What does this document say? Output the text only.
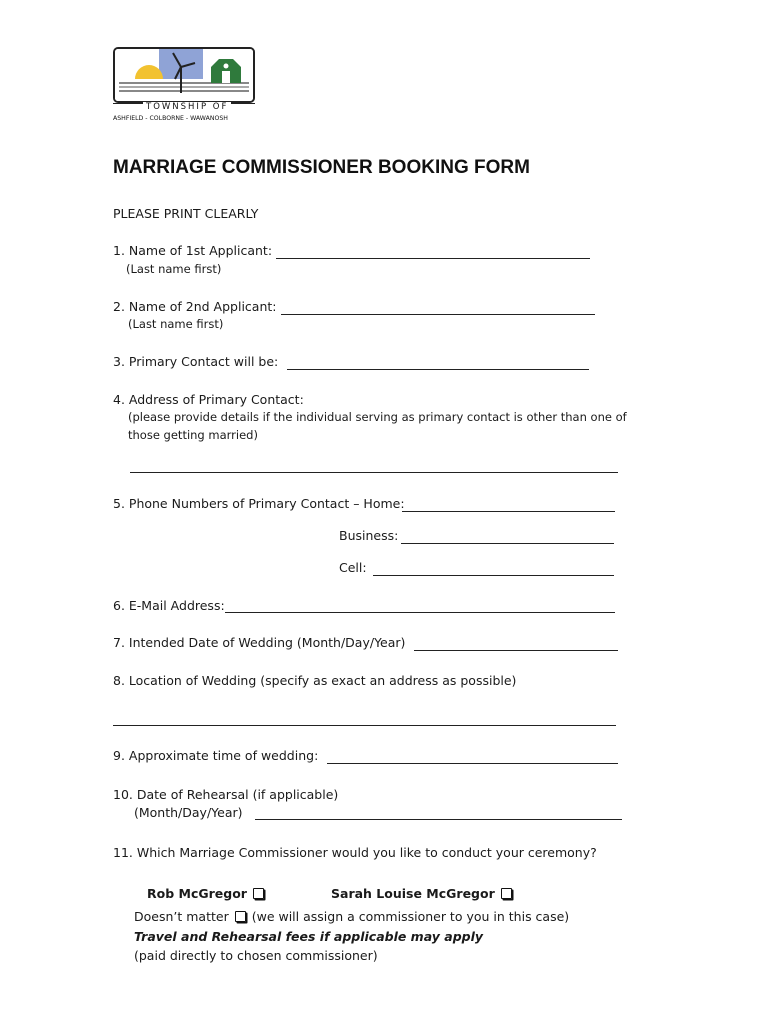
TOWNSHIP OF
ASHFIELD - COLBORNE - WAWANOSH
MARRIAGE COMMISSIONER BOOKING FORM
PLEASE PRINT CLEARLY
1. Name of 1st Applicant:
(Last name first)
2. Name of 2nd Applicant:
(Last name first)
3. Primary Contact will be:
4. Address of Primary Contact:
(please provide details if the individual serving as primary contact is other than one of
those getting married)
5. Phone Numbers of Primary Contact – Home:
Business:
Cell:
6. E-Mail Address:
7. Intended Date of Wedding (Month/Day/Year)
8. Location of Wedding (specify as exact an address as possible)
9. Approximate time of wedding:
10. Date of Rehearsal (if applicable)
(Month/Day/Year)
11. Which Marriage Commissioner would you like to conduct your ceremony?
Rob McGregor	Sarah Louise McGregor
Doesn’t matter (we will assign a commissioner to you in this case)
Travel and Rehearsal fees if applicable may apply
(paid directly to chosen commissioner)
